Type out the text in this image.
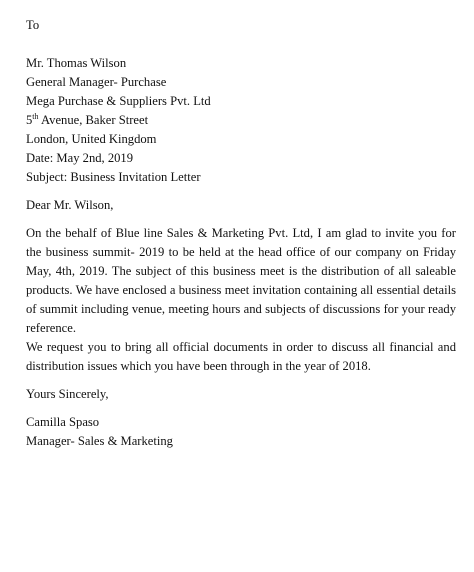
To
Mr. Thomas Wilson
General Manager- Purchase
Mega Purchase & Suppliers Pvt. Ltd
5th Avenue, Baker Street
London, United Kingdom
Date: May 2nd, 2019
Subject: Business Invitation Letter
Dear Mr. Wilson,
On the behalf of Blue line Sales & Marketing Pvt. Ltd, I am glad to invite you for the business summit- 2019 to be held at the head office of our company on Friday May, 4th, 2019. The subject of this business meet is the distribution of all saleable products. We have enclosed a business meet invitation containing all essential details of summit including venue, meeting hours and subjects of discussions for your ready reference.
We request you to bring all official documents in order to discuss all financial and distribution issues which you have been through in the year of 2018.
Yours Sincerely,
Camilla Spaso
Manager- Sales & Marketing
